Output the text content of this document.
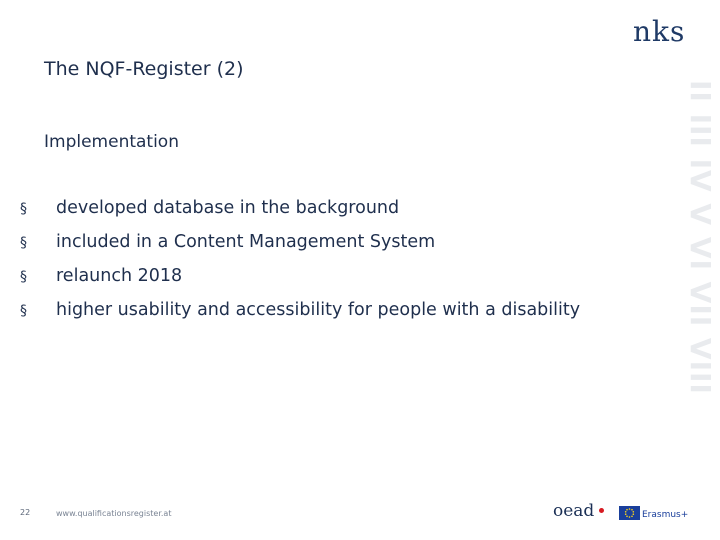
nks
The NQF-Register (2)
Implementation
§	developed database in the background
§	included in a Content Management System
§	relaunch 2018
§	higher usability and accessibility for people with a disability	II III IV V VI VII VIII
22	www.qualificationsregister.at	oead	Erasmus+
